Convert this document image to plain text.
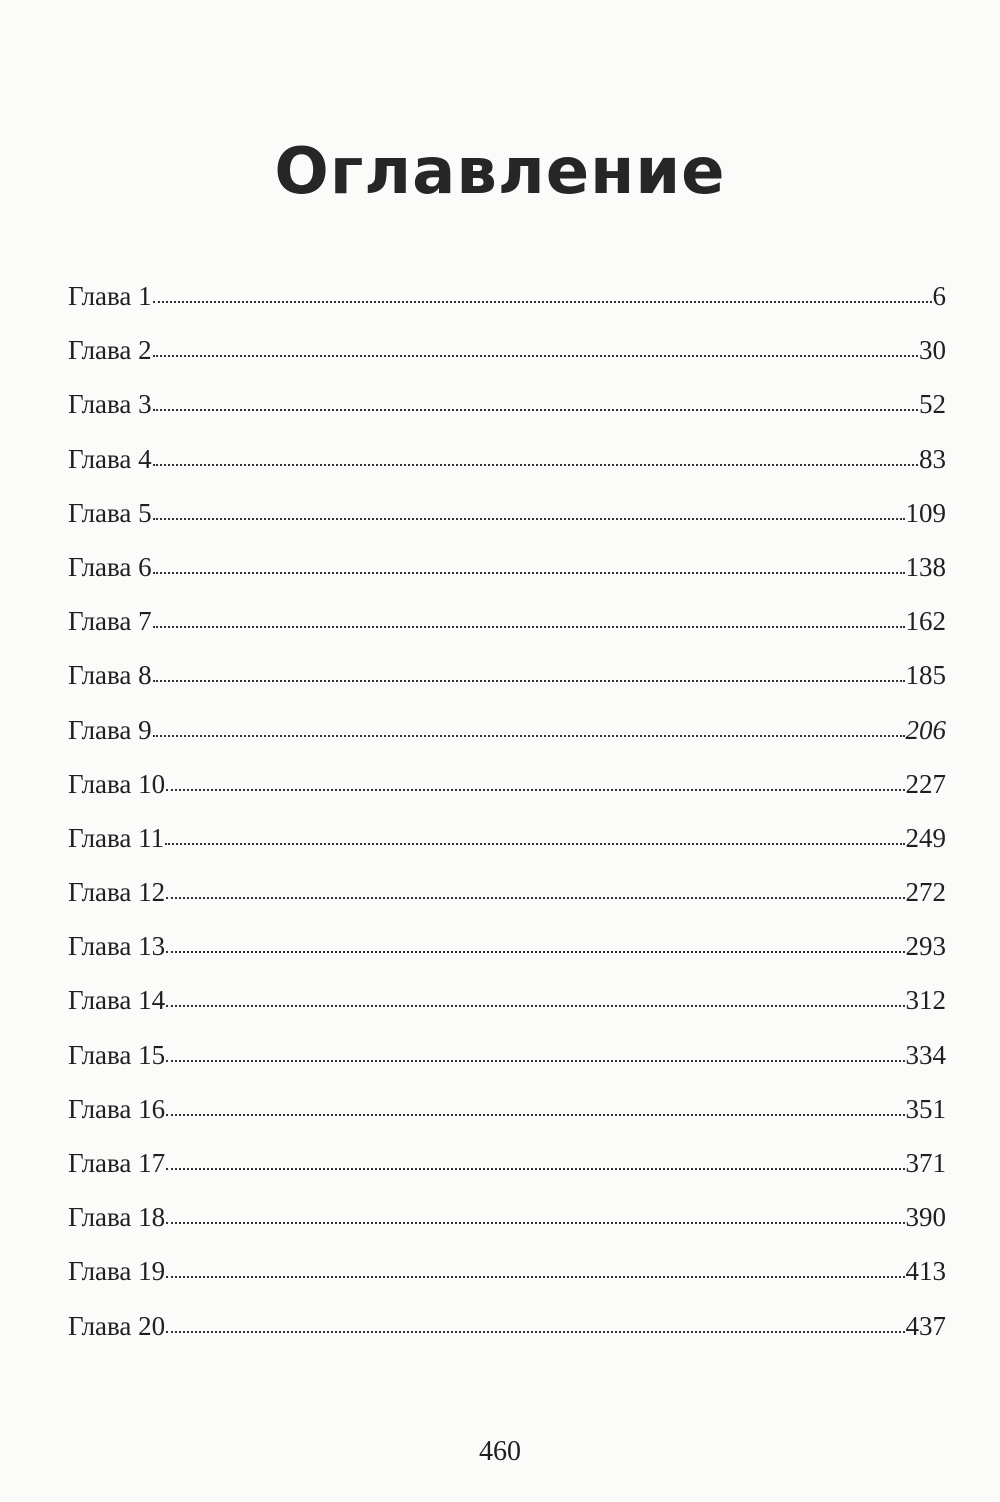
Оглавление
Глава 1	6
Глава 2	30
Глава 3	52
Глава 4	83
Глава 5	109
Глава 6	138
Глава 7	162
Глава 8	185
Глава 9	206
Глава 10	227
Глава 11	249
Глава 12	272
Глава 13	293
Глава 14	312
Глава 15	334
Глава 16	351
Глава 17	371
Глава 18	390
Глава 19	413
Глава 20	437
460
